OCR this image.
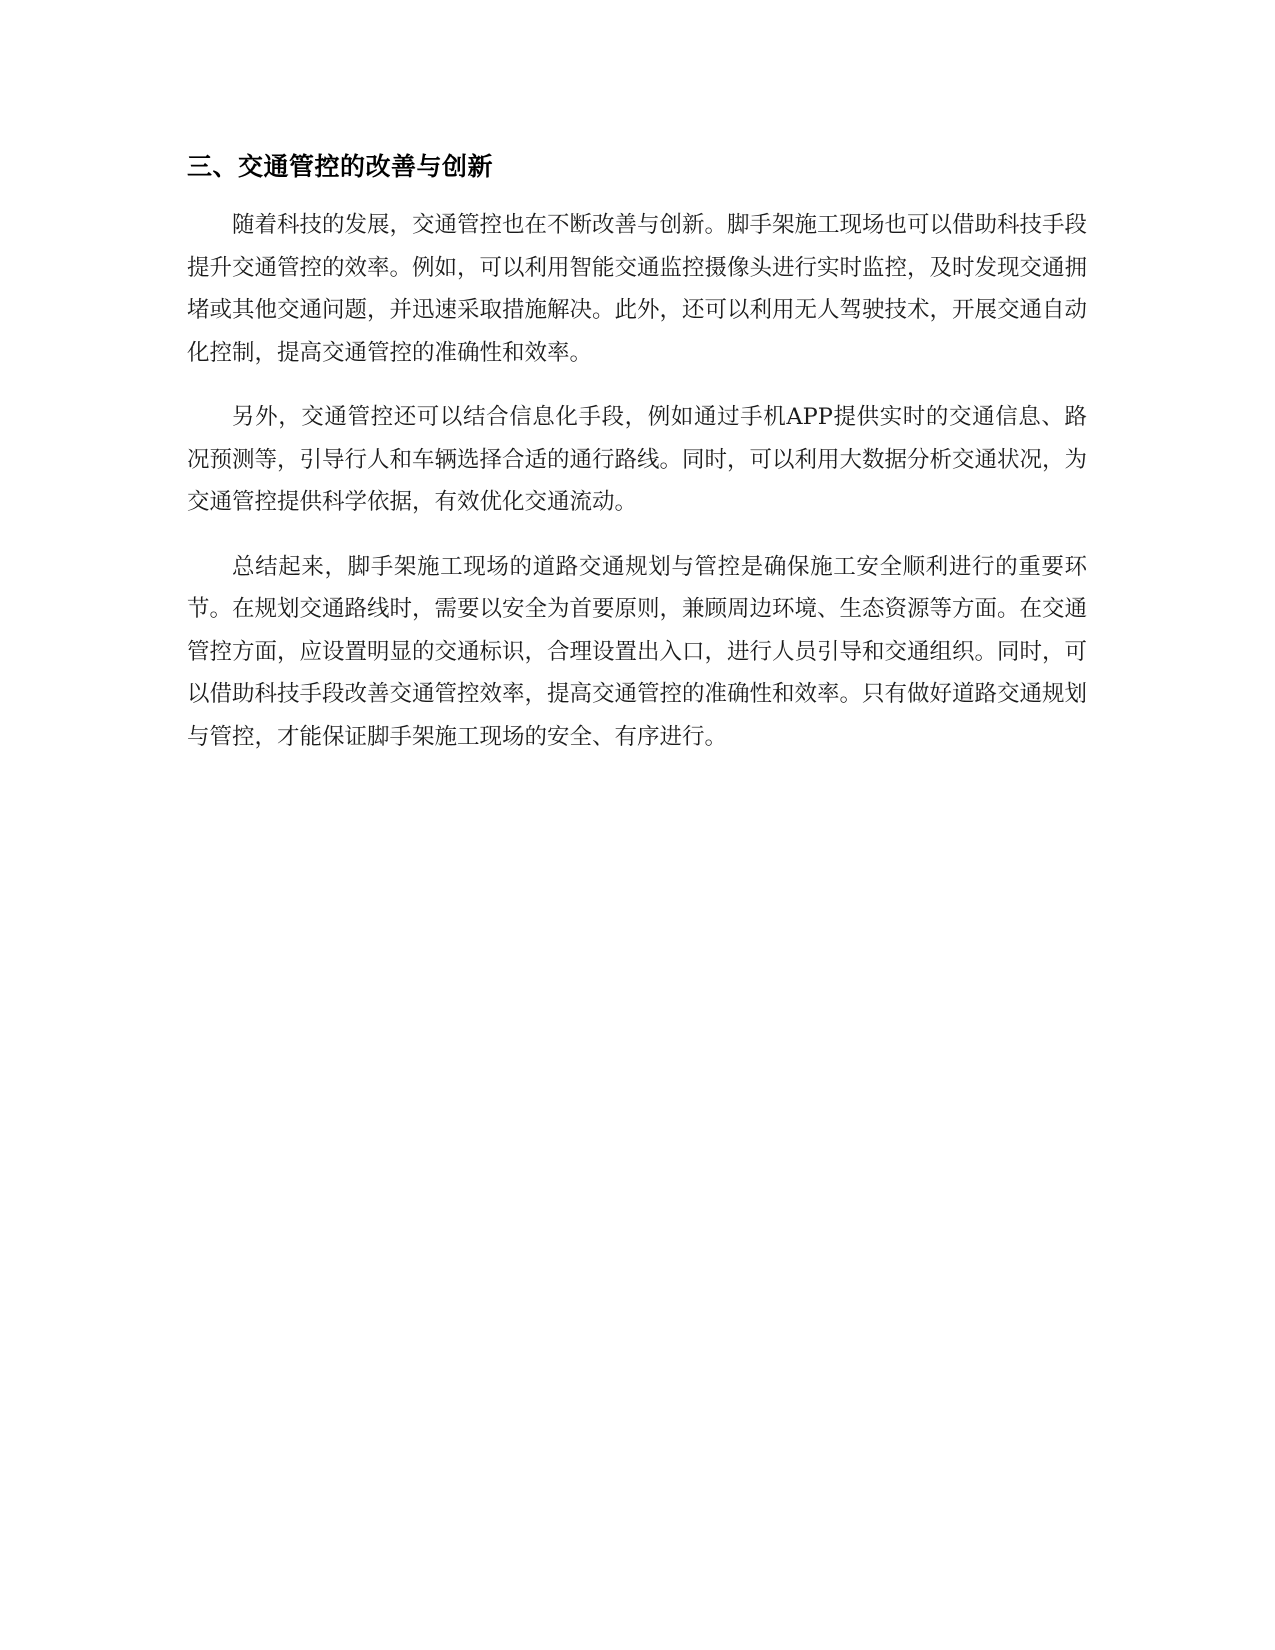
三、交通管控的改善与创新

随着科技的发展，交通管控也在不断改善与创新。脚手架施工现场也可以借助科技手段提升交通管控的效率。例如，可以利用智能交通监控摄像头进行实时监控，及时发现交通拥堵或其他交通问题，并迅速采取措施解决。此外，还可以利用无人驾驶技术，开展交通自动化控制，提高交通管控的准确性和效率。

另外，交通管控还可以结合信息化手段，例如通过手机APP提供实时的交通信息、路况预测等，引导行人和车辆选择合适的通行路线。同时，可以利用大数据分析交通状况，为交通管控提供科学依据，有效优化交通流动。

总结起来，脚手架施工现场的道路交通规划与管控是确保施工安全顺利进行的重要环节。在规划交通路线时，需要以安全为首要原则，兼顾周边环境、生态资源等方面。在交通管控方面，应设置明显的交通标识，合理设置出入口，进行人员引导和交通组织。同时，可以借助科技手段改善交通管控效率，提高交通管控的准确性和效率。只有做好道路交通规划与管控，才能保证脚手架施工现场的安全、有序进行。
